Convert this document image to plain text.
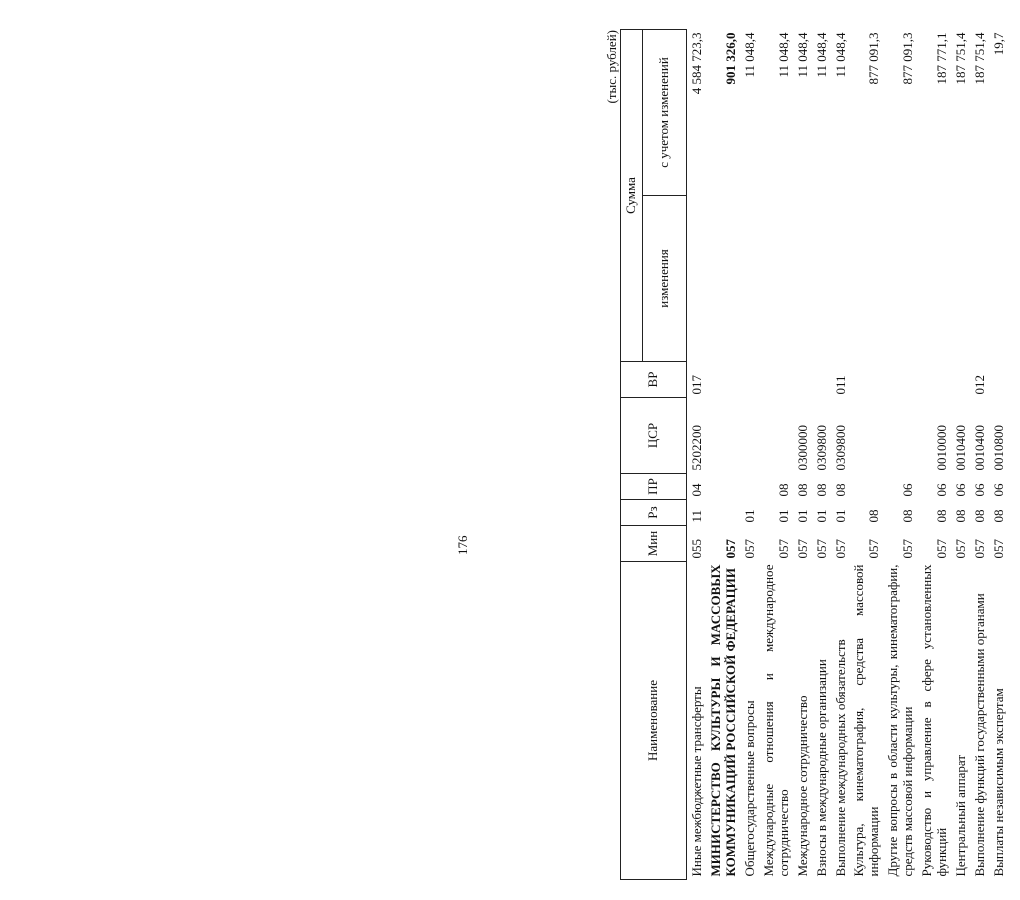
(тыс. рублей)
Наименование	Мин	Рз	ПР	ЦСР	ВР	Сумма	
						изменения	с учетом изменений
Иные межбюджетные трансферты	055	11	04	5202200	017		4 584 723,3
МИНИСТЕРСТВО КУЛЬТУРЫ И МАССОВЫХ КОММУНИКАЦИЙ РОССИЙСКОЙ ФЕДЕРАЦИИ	057						901 326,0
Общегосударственные вопросы	057	01					11 048,4
Международные отношения и международное сотрудничество	057	01	08				11 048,4
Международное сотрудничество	057	01	08	0300000			11 048,4
Взносы в международные организации	057	01	08	0309800			11 048,4
Выполнение международных обязательств	057	01	08	0309800	011		11 048,4
Культура, кинематография, средства массовой информации	057	08					877 091,3
Другие вопросы в области культуры, кинематографии, средств массовой информации	057	08	06				877 091,3
Руководство и управление в сфере установленных функций	057	08	06	0010000			187 771,1
Центральный аппарат	057	08	06	0010400			187 751,4
Выполнение функций государственными органами	057	08	06	0010400	012		187 751,4
Выплаты независимым экспертам	057	08	06	0010800			19,7
176
